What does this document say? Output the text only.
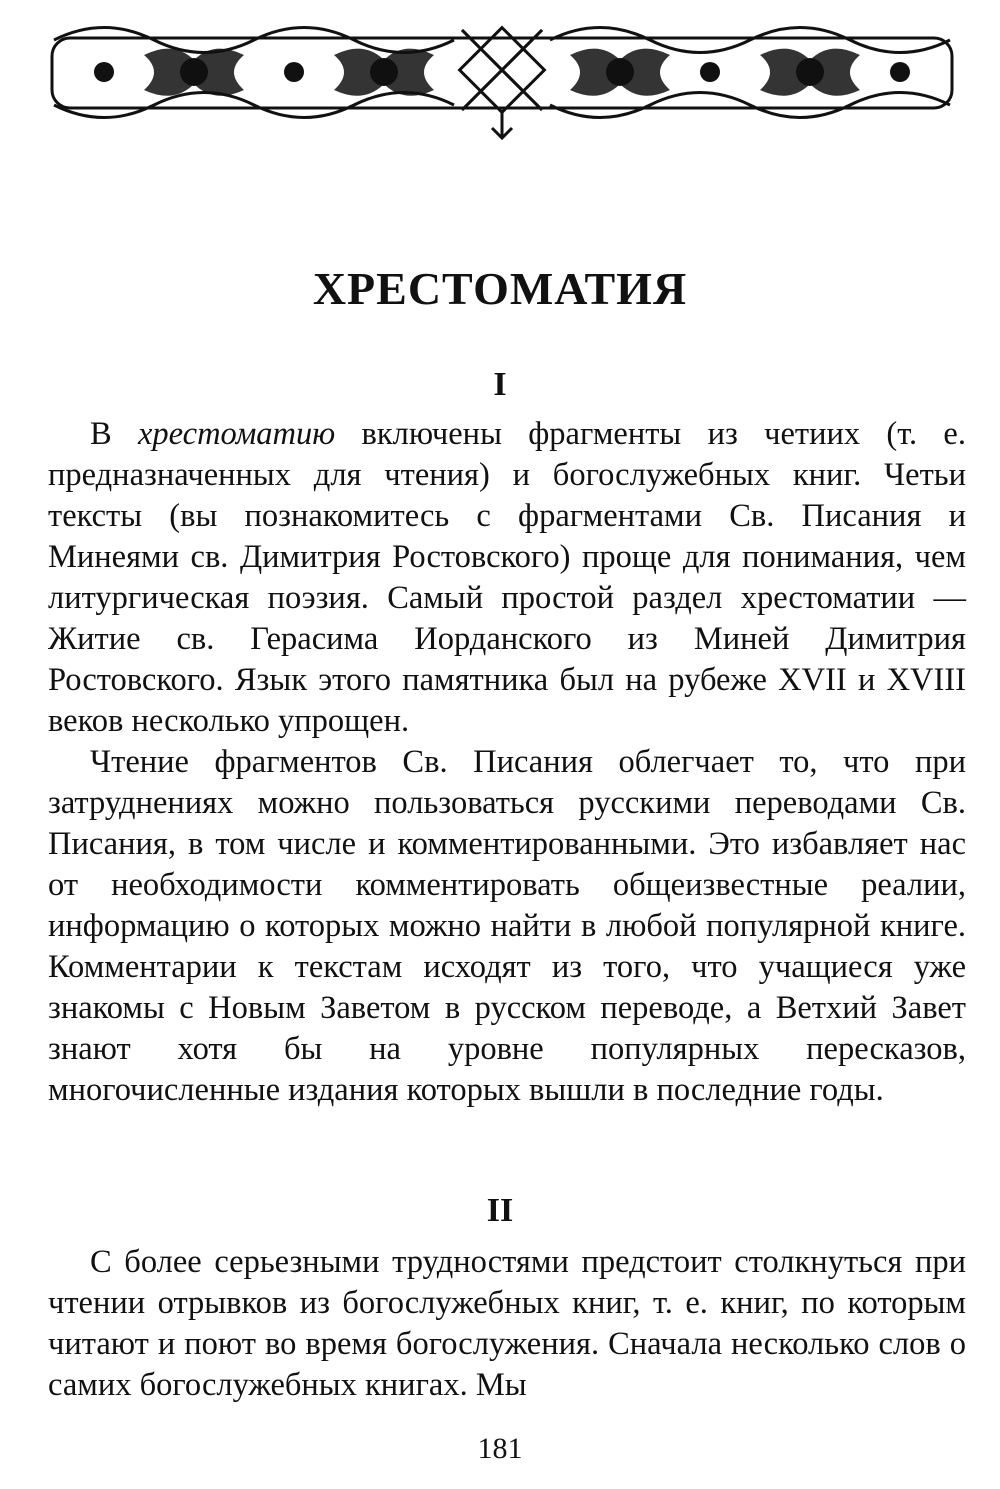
ХРЕСТОМАТИЯ
I

В хрестоматию включены фрагменты из четиих (т. е. предназначенных для чтения) и богослужебных книг. Четьи тексты (вы познакомитесь с фрагментами Св. Писания и Минеями св. Димитрия Ростовского) проще для понимания, чем литургическая поэзия. Самый простой раздел хрестоматии — Житие св. Герасима Иорданского из Миней Димитрия Ростовского. Язык этого памятника был на рубеже XVII и XVIII веков несколько упрощен.

Чтение фрагментов Св. Писания облегчает то, что при затруднениях можно пользоваться русскими переводами Св. Писания, в том числе и комментированными. Это избавляет нас от необходимости комментировать общеизвестные реалии, информацию о которых можно найти в любой популярной книге. Комментарии к текстам исходят из того, что учащиеся уже знакомы с Новым Заветом в русском переводе, а Ветхий Завет знают хотя бы на уровне популярных пересказов, многочисленные издания которых вышли в последние годы.

II

С более серьезными трудностями предстоит столкнуться при чтении отрывков из богослужебных книг, т. е. книг, по которым читают и поют во время богослужения. Сначала несколько слов о самих богослужебных книгах. Мы

181
